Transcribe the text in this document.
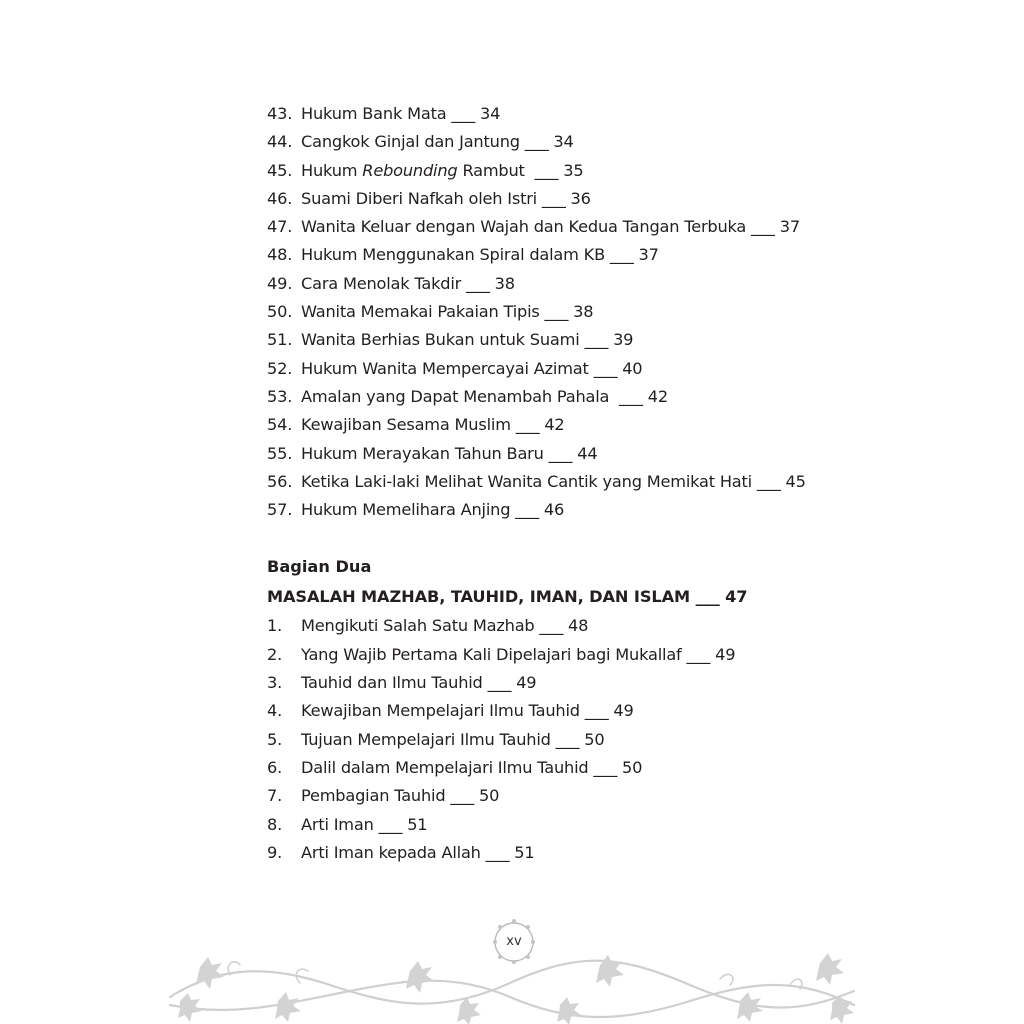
43. Hukum Bank Mata ___ 34
44. Cangkok Ginjal dan Jantung ___ 34
45. Hukum Rebounding Rambut  ___ 35
46. Suami Diberi Nafkah oleh Istri ___ 36
47. Wanita Keluar dengan Wajah dan Kedua Tangan Terbuka ___ 37
48. Hukum Menggunakan Spiral dalam KB ___ 37
49. Cara Menolak Takdir ___ 38
50. Wanita Memakai Pakaian Tipis ___ 38
51. Wanita Berhias Bukan untuk Suami ___ 39
52. Hukum Wanita Mempercayai Azimat ___ 40
53. Amalan yang Dapat Menambah Pahala  ___ 42
54. Kewajiban Sesama Muslim ___ 42
55. Hukum Merayakan Tahun Baru ___ 44
56. Ketika Laki-laki Melihat Wanita Cantik yang Memikat Hati ___ 45
57. Hukum Memelihara Anjing ___ 46
Bagian Dua
MASALAH MAZHAB, TAUHID, IMAN, DAN ISLAM ___ 47
1. Mengikuti Salah Satu Mazhab ___ 48
2. Yang Wajib Pertama Kali Dipelajari bagi Mukallaf ___ 49
3. Tauhid dan Ilmu Tauhid ___ 49
4. Kewajiban Mempelajari Ilmu Tauhid ___ 49
5. Tujuan Mempelajari Ilmu Tauhid ___ 50
6. Dalil dalam Mempelajari Ilmu Tauhid ___ 50
7. Pembagian Tauhid ___ 50
8. Arti Iman ___ 51
9. Arti Iman kepada Allah ___ 51
xv
